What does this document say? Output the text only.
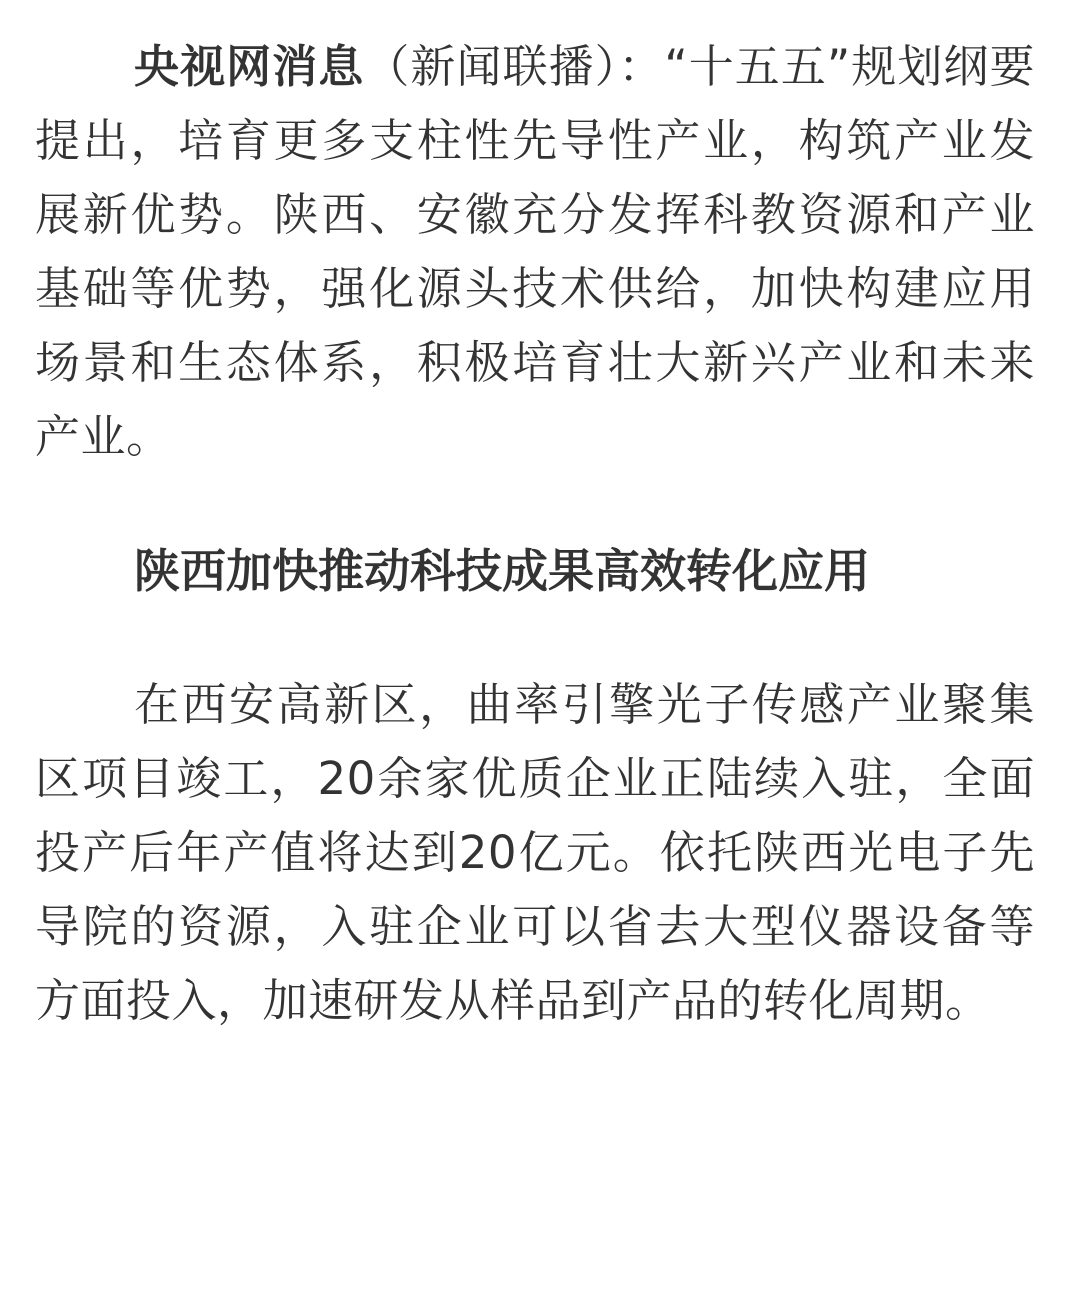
央视网消息（新闻联播）：“十五五”规划纲要提出，培育更多支柱性先导性产业，构筑产业发展新优势。陕西、安徽充分发挥科教资源和产业基础等优势，强化源头技术供给，加快构建应用场景和生态体系，积极培育壮大新兴产业和未来产业。

陕西加快推动科技成果高效转化应用

在西安高新区，曲率引擎光子传感产业聚集区项目竣工，20余家优质企业正陆续入驻，全面投产后年产值将达到20亿元。依托陕西光电子先导院的资源，入驻企业可以省去大型仪器设备等方面投入，加速研发从样品到产品的转化周期。
